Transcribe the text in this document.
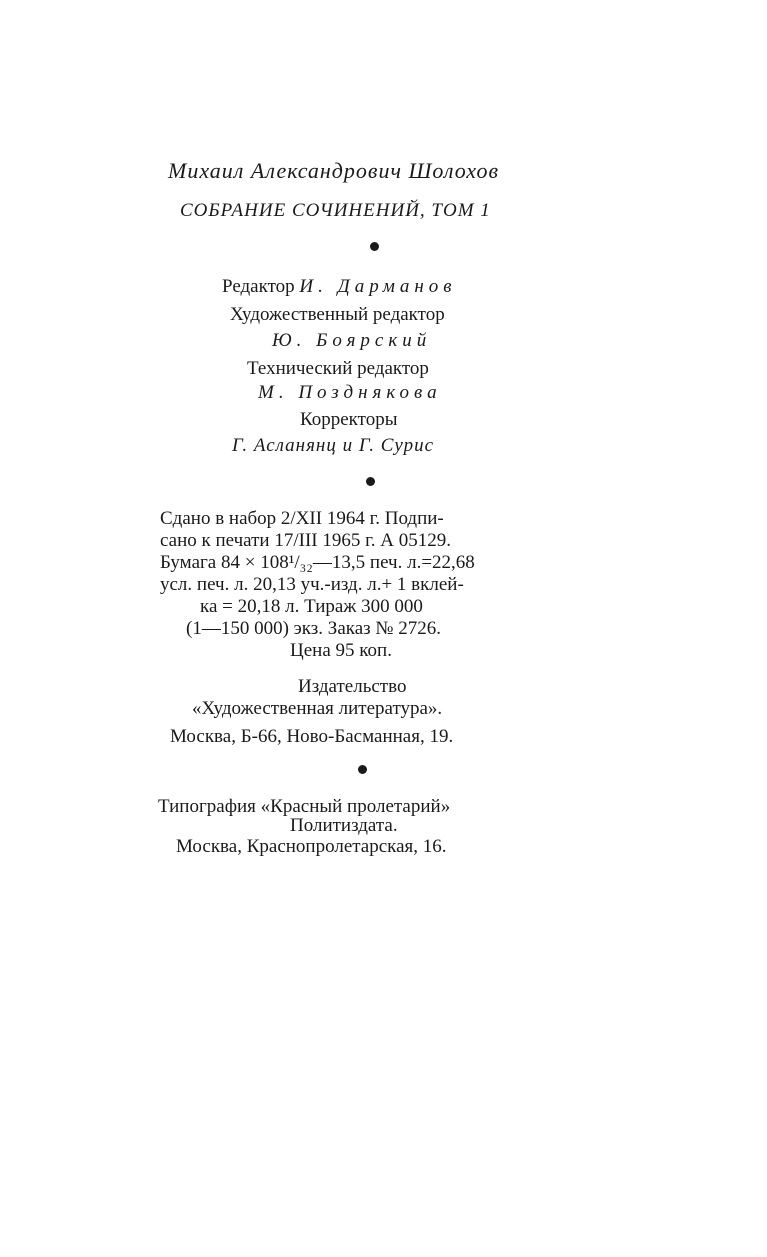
Михаил Александрович Шолохов
СОБРАНИЕ СОЧИНЕНИЙ, ТОМ 1
Редактор И. Дарманов
Художественный редактор
Ю. Боярский
Технический редактор
М. Позднякова
Корректоры
Г. Асланянц и Г. Сурис
Сдано в набор 2/XII 1964 г. Подпи-
сано к печати 17/III 1965 г. А 05129.
Бумага 84 × 108¹/₃₂—13,5 печ. л.=22,68
усл. печ. л. 20,13 уч.-изд. л.+ 1 вклей-
ка = 20,18 л. Тираж 300 000
(1—150 000) экз. Заказ № 2726.
Цена 95 коп.
Издательство
«Художественная литература».
Москва, Б-66, Ново-Басманная, 19.
Типография «Красный пролетарий»
Политиздата.
Москва, Краснопролетарская, 16.
